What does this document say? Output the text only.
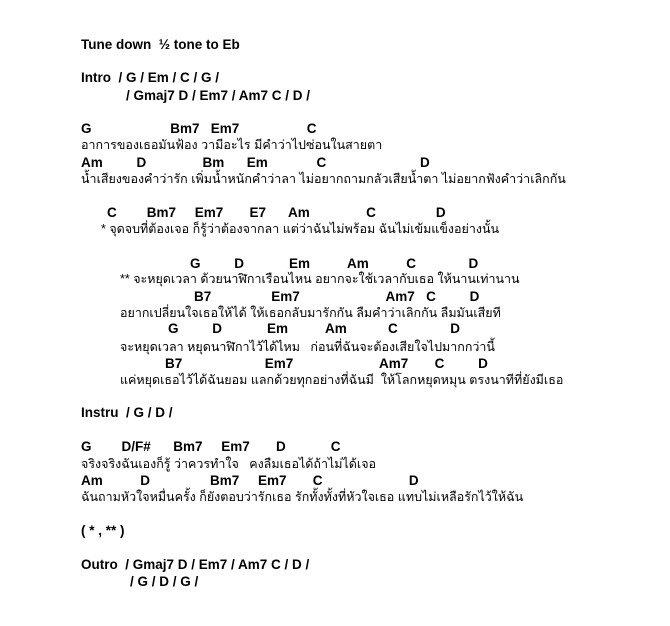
Tune down  ½ tone to Eb
Intro  / G / Em / C / G /
/ Gmaj7 D / Em7 / Am7 C / D /
G                     Bm7   Em7                  C
อาการของเธอมันฟ้อง วามีอะไร มีคำว่าไปซ่อนในสายตา
Am         D               Bm      Em             C                         D
น้ำเสียงของคำว่ารัก เพิ่มน้ำหนักคำว่าลา ไม่อยากถามกลัวเสียน้ำตา ไม่อยากฟังคำว่าเลิกกัน
C        Bm7     Em7       E7      Am               C                D
* จุดจบที่ต้องเจอ ก็รู้ว่าต้องจากลา แต่ว่าฉันไม่พร้อม ฉันไม่เข้มแข็งอย่างนั้น
G         D            Em          Am          C              D
** จะหยุดเวลา ด้วยนาฬิกาเรือนไหน อยากจะใช้เวลากับเธอ ให้นานเท่านาน
B7                Em7                       Am7   C         D
อยากเปลี่ยนใจเธอให้ได้ ให้เธอกลับมารักกัน ลืมคำว่าเลิกกัน ลืมมันเสียที
G         D            Em          Am           C              D
จะหยุดเวลา หยุดนาฬิกาไว้ได้ไหม   ก่อนที่ฉันจะต้องเสียใจไปมากกว่านี้
B7                      Em7                       Am7       C         D
แค่หยุดเธอไว้ได้ฉันยอม แลกด้วยทุกอย่างที่ฉันมี  ให้โลกหยุดหมุน ตรงนาทีที่ยังมีเธอ
Instru  / G / D /
G        D/F#      Bm7     Em7       D            C
จริงจริงฉันเองก็รู้ ว่าควรทำใจ   คงลืมเธอได้ถ้าไม่ได้เจอ
Am          D                Bm7     Em7       C                       D
ฉันถามหัวใจหมื่นครั้ง ก็ยังตอบว่ารักเธอ รักทั้งทั้งที่หัวใจเธอ แทบไม่เหลือรักไว้ให้ฉัน
( * , ** )
Outro  / Gmaj7 D / Em7 / Am7 C / D /
/ G / D / G /
